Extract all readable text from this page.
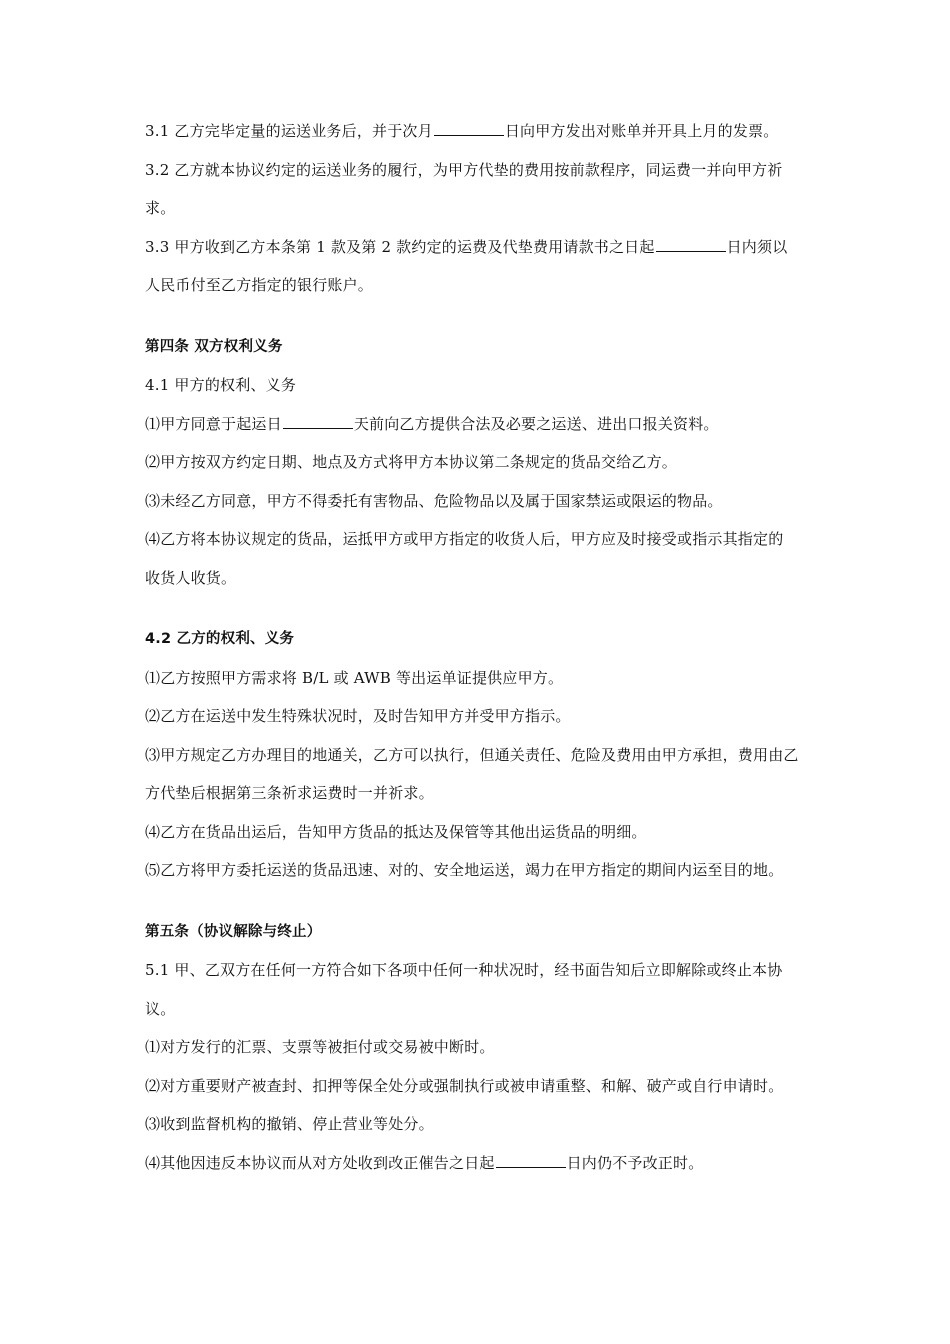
3.1 乙方完毕定量的运送业务后，并于次月	日向甲方发出对账单并开具上月的发票。
3.2 乙方就本协议约定的运送业务的履行，为甲方代垫的费用按前款程序，同运费一并向甲方祈
求。
3.3 甲方收到乙方本条第 1 款及第 2 款约定的运费及代垫费用请款书之日起	日内须以
人民币付至乙方指定的银行账户。
第四条 双方权利义务
4.1 甲方的权利、义务
⑴甲方同意于起运日	天前向乙方提供合法及必要之运送、进出口报关资料。
⑵甲方按双方约定日期、地点及方式将甲方本协议第二条规定的货品交给乙方。
⑶未经乙方同意，甲方不得委托有害物品、危险物品以及属于国家禁运或限运的物品。
⑷乙方将本协议规定的货品，运抵甲方或甲方指定的收货人后，甲方应及时接受或指示其指定的
收货人收货。
4.2 乙方的权利、义务
⑴乙方按照甲方需求将 B/L 或 AWB 等出运单证提供应甲方。
⑵乙方在运送中发生特殊状况时，及时告知甲方并受甲方指示。
⑶甲方规定乙方办理目的地通关，乙方可以执行，但通关责任、危险及费用由甲方承担，费用由乙
方代垫后根据第三条祈求运费时一并祈求。
⑷乙方在货品出运后，告知甲方货品的抵达及保管等其他出运货品的明细。
⑸乙方将甲方委托运送的货品迅速、对的、安全地运送，竭力在甲方指定的期间内运至目的地。
第五条（协议解除与终止）
5.1 甲、乙双方在任何一方符合如下各项中任何一种状况时，经书面告知后立即解除或终止本协
议。
⑴对方发行的汇票、支票等被拒付或交易被中断时。
⑵对方重要财产被查封、扣押等保全处分或强制执行或被申请重整、和解、破产或自行申请时。
⑶收到监督机构的撤销、停止营业等处分。
⑷其他因违反本协议而从对方处收到改正催告之日起	日内仍不予改正时。
